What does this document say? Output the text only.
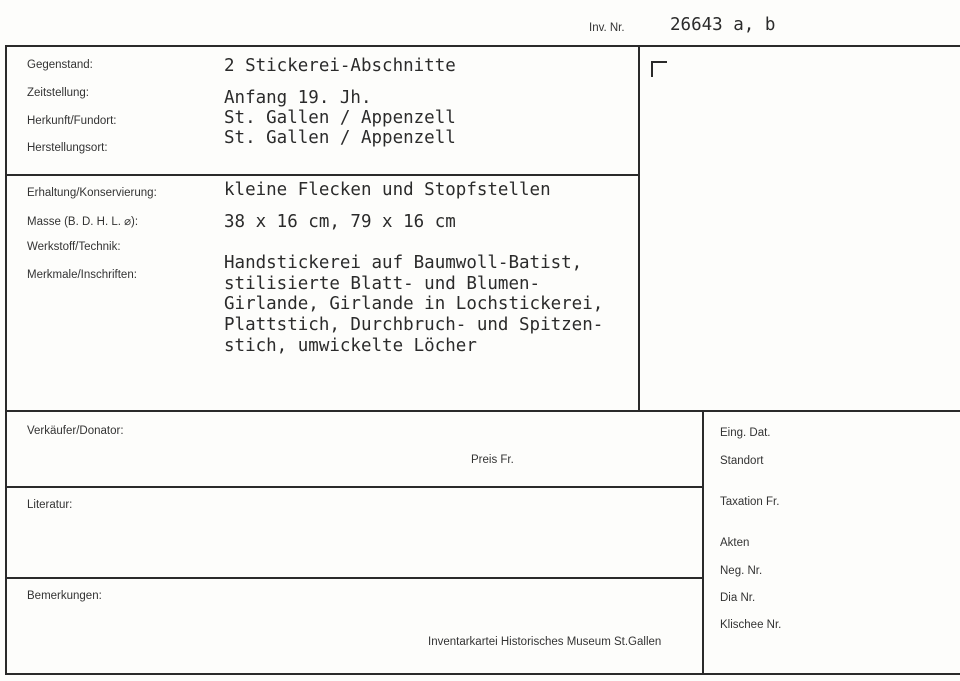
Inv. Nr.	26643 a, b
Gegenstand:
Zeitstellung:
Herkunft/Fundort:
Herstellungsort:
2 Stickerei-Abschnitte
Anfang 19. Jh.
St. Gallen / Appenzell
St. Gallen / Appenzell
Erhaltung/Konservierung:
Masse (B. D. H. L. ⌀):
Werkstoff/Technik:
Merkmale/Inschriften:
kleine Flecken und Stopfstellen
38 x 16 cm, 79 x 16 cm
Handstickerei auf Baumwoll-Batist,
stilisierte Blatt- und Blumen-
Girlande, Girlande in Lochstickerei,
Plattstich, Durchbruch- und Spitzen-
stich, umwickelte Löcher
Verkäufer/Donator:
Preis Fr.
Literatur:
Bemerkungen:
Inventarkartei Historisches Museum St.Gallen
Eing. Dat.
Standort
Taxation Fr.
Akten
Neg. Nr.
Dia Nr.
Klischee Nr.
